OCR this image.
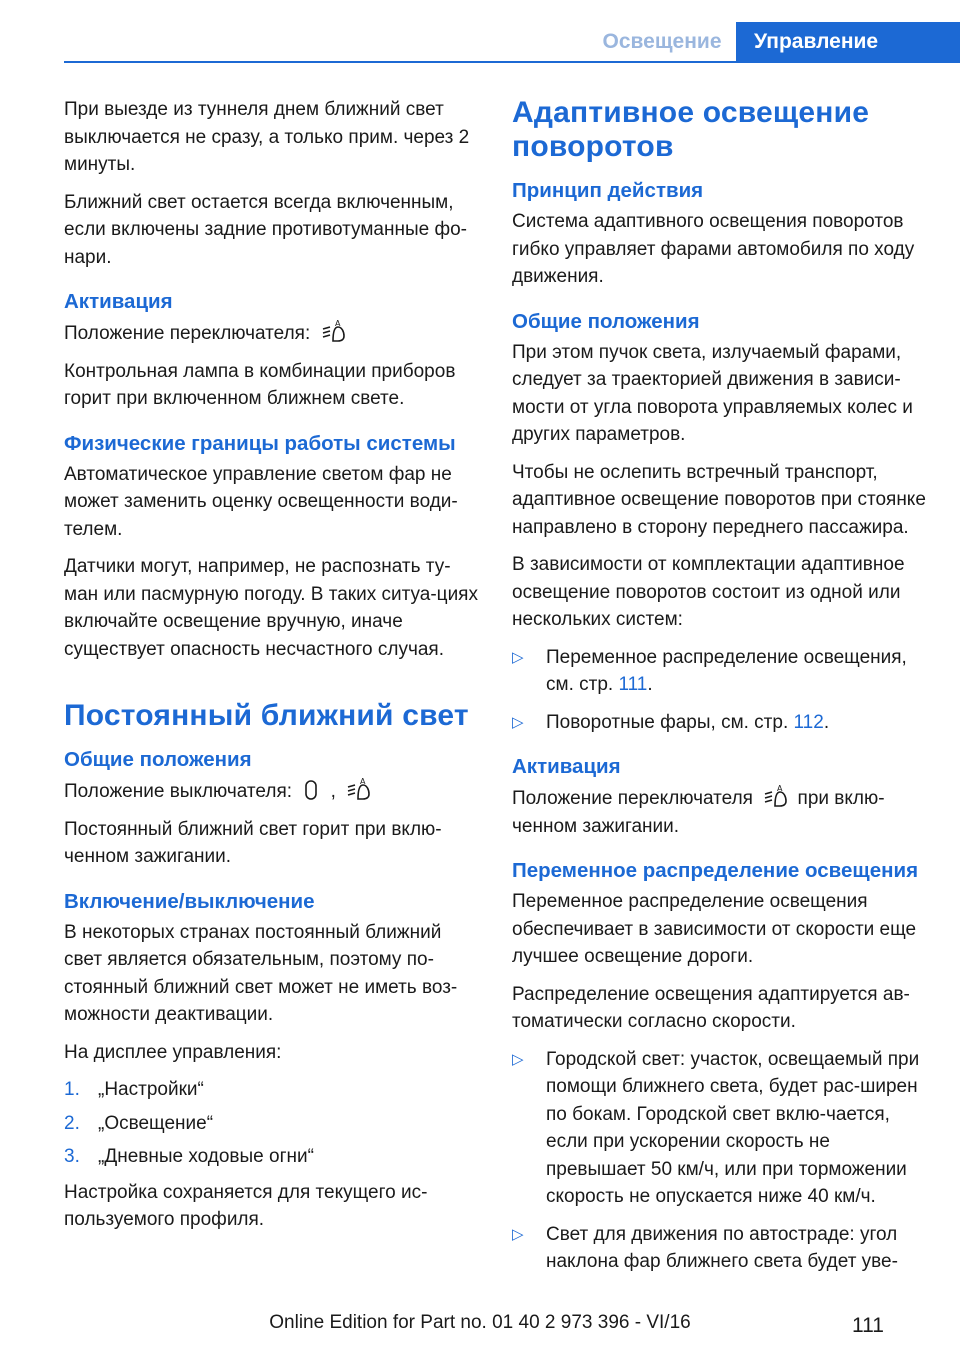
Освещение	Управление

При выезде из туннеля днем ближний свет выключается не сразу, а только прим. через 2 минуты.

Ближний свет остается всегда включенным, если включены задние противотуманные фо-нари.

Активация

Положение переключателя:	A

Контрольная лампа в комбинации приборов горит при включенном ближнем свете.

Физические границы работы системы

Автоматическое управление светом фар не может заменить оценку освещенности води-телем.

Датчики могут, например, не распознать ту-ман или пасмурную погоду. В таких ситуа-циях включайте освещение вручную, иначе существует опасность несчастного случая.

Постоянный ближний свет
Общие положения

Положение выключателя: ,	A

Постоянный ближний свет горит при вклю-ченном зажигании.

Включение/выключение

В некоторых странах постоянный ближний свет является обязательным, поэтому по-стоянный ближний свет может не иметь воз-можности деактивации.

На дисплее управления:

1. „Настройки“
2. „Освещение“
3. „Дневные ходовые огни“

Настройка сохраняется для текущего ис-пользуемого профиля.

Адаптивное освещение поворотов
Принцип действия

Система адаптивного освещения поворотов гибко управляет фарами автомобиля по ходу движения.

Общие положения

При этом пучок света, излучаемый фарами, следует за траекторией движения в зависи-мости от угла поворота управляемых колес и других параметров.

Чтобы не ослепить встречный транспорт, адаптивное освещение поворотов при стоянке направлено в сторону переднего пассажира.

В зависимости от комплектации адаптивное освещение поворотов состоит из одной или нескольких систем:

▷ Переменное распределение освещения, см. стр. 111.
▷ Поворотные фары, см. стр. 112.
Активация

Положение переключателя	A при вклю-ченном зажигании.

Переменное распределение освещения

Переменное распределение освещения обеспечивает в зависимости от скорости еще лучшее освещение дороги.

Распределение освещения адаптируется ав-томатически согласно скорости.

▷ Городской свет: участок, освещаемый при помощи ближнего света, будет рас-ширен по бокам. Городской свет вклю-чается, если при ускорении скорость не превышает 50 км/ч, или при торможении скорость не опускается ниже 40 км/ч.
▷ Свет для движения по автостраде: угол наклона фар ближнего света будет уве-
111
Online Edition for Part no. 01 40 2 973 396 - VI/16
